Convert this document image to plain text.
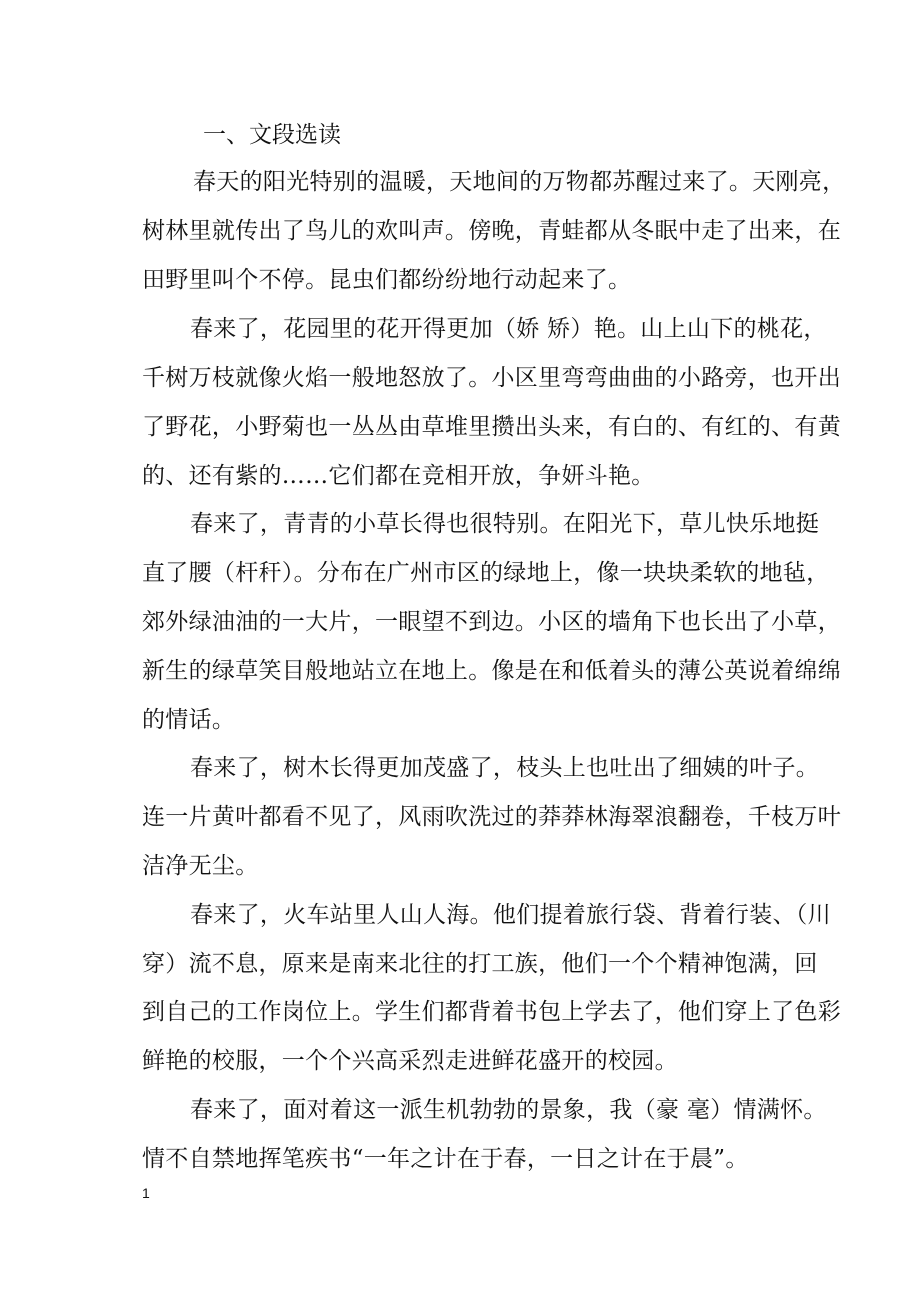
一、文段选读
春天的阳光特别的温暖，天地间的万物都苏醒过来了。天刚亮，
树林里就传出了鸟儿的欢叫声。傍晚，青蛙都从冬眠中走了出来，在
田野里叫个不停。昆虫们都纷纷地行动起来了。
春来了，花园里的花开得更加（娇 矫）艳。山上山下的桃花，
千树万枝就像火焰一般地怒放了。小区里弯弯曲曲的小路旁，也开出
了野花，小野菊也一丛丛由草堆里攒出头来，有白的、有红的、有黄
的、还有紫的……它们都在竞相开放，争妍斗艳。
春来了，青青的小草长得也很特别。在阳光下，草儿快乐地挺
直了腰（杆秆）。分布在广州市区的绿地上，像一块块柔软的地毡，
郊外绿油油的一大片，一眼望不到边。小区的墙角下也长出了小草，
新生的绿草笑目般地站立在地上。像是在和低着头的薄公英说着绵绵
的情话。
春来了，树木长得更加茂盛了，枝头上也吐出了细姨的叶子。
连一片黄叶都看不见了，风雨吹洗过的莽莽林海翠浪翻卷，千枝万叶
洁净无尘。
春来了，火车站里人山人海。他们提着旅行袋、背着行装、（川
穿）流不息，原来是南来北往的打工族，他们一个个精神饱满，回
到自己的工作岗位上。学生们都背着书包上学去了，他们穿上了色彩
鲜艳的校服，一个个兴高采烈走进鲜花盛开的校园。
春来了，面对着这一派生机勃勃的景象，我（豪 毫）情满怀。
情不自禁地挥笔疾书“一年之计在于春，一日之计在于晨”。
1
